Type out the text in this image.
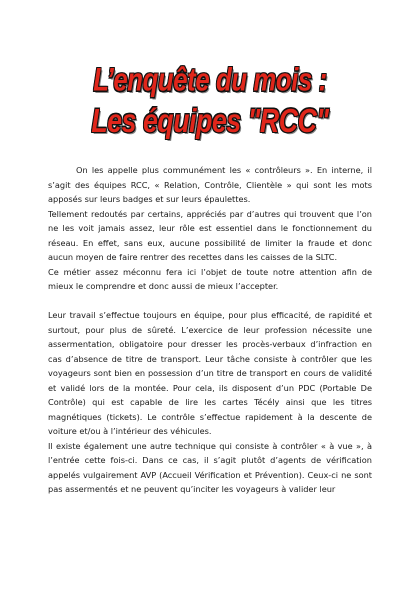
L’enquête du mois :
Les équipes "RCC"

On les appelle plus communément les « contrôleurs ». En interne, il s’agit des équipes RCC, « Relation, Contrôle, Clientèle » qui sont les mots apposés sur leurs badges et sur leurs épaulettes.

Tellement redoutés par certains, appréciés par d’autres qui trouvent que l’on ne les voit jamais assez, leur rôle est essentiel dans le fonctionnement du réseau. En effet, sans eux, aucune possibilité de limiter la fraude et donc aucun moyen de faire rentrer des recettes dans les caisses de la SLTC.

Ce métier assez méconnu fera ici l’objet de toute notre attention afin de mieux le comprendre et donc aussi de mieux l’accepter.

Leur travail s’effectue toujours en équipe, pour plus efficacité, de rapidité et surtout, pour plus de sûreté. L’exercice de leur profession nécessite une assermentation, obligatoire pour dresser les procès-verbaux d’infraction en cas d’absence de titre de transport. Leur tâche consiste à contrôler que les voyageurs sont bien en possession d’un titre de transport en cours de validité et validé lors de la montée. Pour cela, ils disposent d’un PDC (Portable De Contrôle) qui est capable de lire les cartes Técély ainsi que les titres magnétiques (tickets). Le contrôle s’effectue rapidement à la descente de voiture et/ou à l’intérieur des véhicules.

Il existe également une autre technique qui consiste à contrôler « à vue », à l’entrée cette fois-ci. Dans ce cas, il s’agit plutôt d’agents de vérification appelés vulgairement AVP (Accueil Vérification et Prévention). Ceux-ci ne sont pas assermentés et ne peuvent qu’inciter les voyageurs à valider leur
